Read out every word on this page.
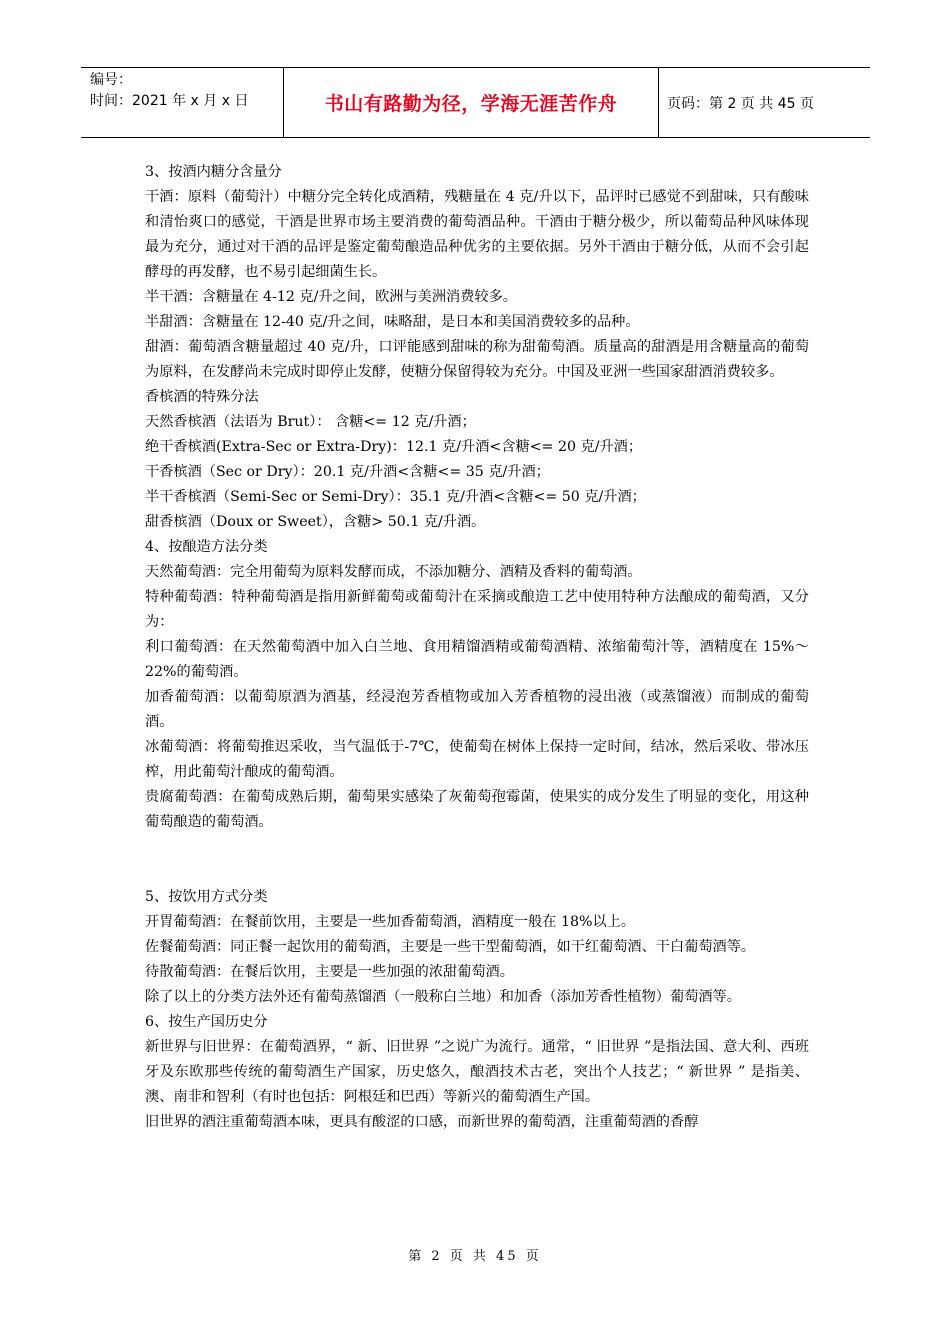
编号：
时间：2021 年 x 月 x 日	书山有路勤为径，学海无涯苦作舟	页码：第 2 页 共 45 页

3、按酒内糖分含量分

干酒：原料（葡萄汁）中糖分完全转化成酒精，残糖量在 4 克/升以下，品评时已感觉不到甜味，只有酸味和清怡爽口的感觉，干酒是世界市场主要消费的葡萄酒品种。干酒由于糖分极少，所以葡萄品种风味体现最为充分，通过对干酒的品评是鉴定葡萄酿造品种优劣的主要依据。另外干酒由于糖分低，从而不会引起酵母的再发酵，也不易引起细菌生长。

半干酒：含糖量在 4-12 克/升之间，欧洲与美洲消费较多。

半甜酒：含糖量在 12-40 克/升之间，味略甜，是日本和美国消费较多的品种。

甜酒：葡萄酒含糖量超过 40 克/升，口评能感到甜味的称为甜葡萄酒。质量高的甜酒是用含糖量高的葡萄为原料，在发酵尚未完成时即停止发酵，使糖分保留得较为充分。中国及亚洲一些国家甜酒消费较多。

香槟酒的特殊分法

天然香槟酒（法语为 Brut）： 含糖<= 12 克/升酒；

绝干香槟酒(Extra-Sec or Extra-Dry)：12.1 克/升酒<含糖<= 20 克/升酒；

干香槟酒（Sec or Dry）：20.1 克/升酒<含糖<= 35 克/升酒；

半干香槟酒（Semi-Sec or Semi-Dry）：35.1 克/升酒<含糖<= 50 克/升酒；

甜香槟酒（Doux or Sweet），含糖> 50.1 克/升酒。

4、按酿造方法分类

天然葡萄酒：完全用葡萄为原料发酵而成，不添加糖分、酒精及香料的葡萄酒。

特种葡萄酒：特种葡萄酒是指用新鲜葡萄或葡萄汁在采摘或酿造工艺中使用特种方法酿成的葡萄酒，又分为：

利口葡萄酒：在天然葡萄酒中加入白兰地、食用精馏酒精或葡萄酒精、浓缩葡萄汁等，酒精度在 15%～22%的葡萄酒。

加香葡萄酒：以葡萄原酒为酒基，经浸泡芳香植物或加入芳香植物的浸出液（或蒸馏液）而制成的葡萄酒。

冰葡萄酒：将葡萄推迟采收，当气温低于-7℃，使葡萄在树体上保持一定时间，结冰，然后采收、带冰压榨，用此葡萄汁酿成的葡萄酒。

贵腐葡萄酒：在葡萄成熟后期，葡萄果实感染了灰葡萄孢霉菌，使果实的成分发生了明显的变化，用这种葡萄酿造的葡萄酒。

5、按饮用方式分类

开胃葡萄酒：在餐前饮用，主要是一些加香葡萄酒，酒精度一般在 18%以上。

佐餐葡萄酒：同正餐一起饮用的葡萄酒，主要是一些干型葡萄酒，如干红葡萄酒、干白葡萄酒等。

待散葡萄酒：在餐后饮用，主要是一些加强的浓甜葡萄酒。

除了以上的分类方法外还有葡萄蒸馏酒（一般称白兰地）和加香（添加芳香性植物）葡萄酒等。

6、按生产国历史分

新世界与旧世界：在葡萄酒界，“ 新、旧世界 ”之说广为流行。通常，“ 旧世界 ”是指法国、意大利、西班牙及东欧那些传统的葡萄酒生产国家，历史悠久，酿酒技术古老，突出个人技艺；“ 新世界 ” 是指美、澳、南非和智利（有时也包括：阿根廷和巴西）等新兴的葡萄酒生产国。

旧世界的酒注重葡萄酒本味，更具有酸涩的口感，而新世界的葡萄酒，注重葡萄酒的香醇

第 2 页 共 45 页
